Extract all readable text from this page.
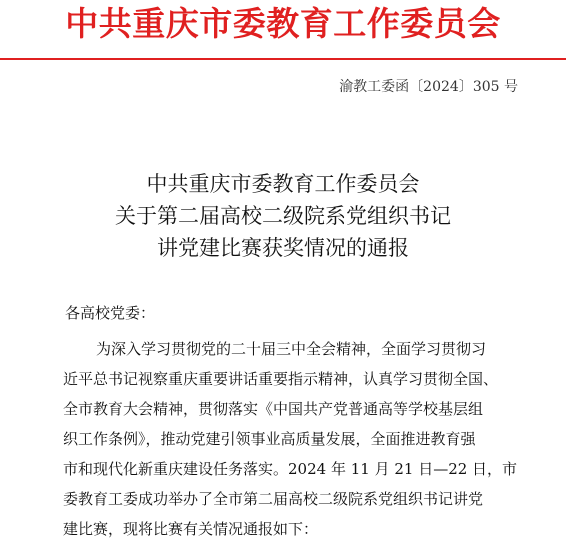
中共重庆市委教育工作委员会
渝教工委函〔2024〕305 号
中共重庆市委教育工作委员会
关于第二届高校二级院系党组织书记
讲党建比赛获奖情况的通报
各高校党委：
为深入学习贯彻党的二十届三中全会精神，全面学习贯彻习
近平总书记视察重庆重要讲话重要指示精神，认真学习贯彻全国、
全市教育大会精神，贯彻落实《中国共产党普通高等学校基层组
织工作条例》，推动党建引领事业高质量发展，全面推进教育强
市和现代化新重庆建设任务落实。2024 年 11 月 21 日—22 日，市
委教育工委成功举办了全市第二届高校二级院系党组织书记讲党
建比赛，现将比赛有关情况通报如下：
